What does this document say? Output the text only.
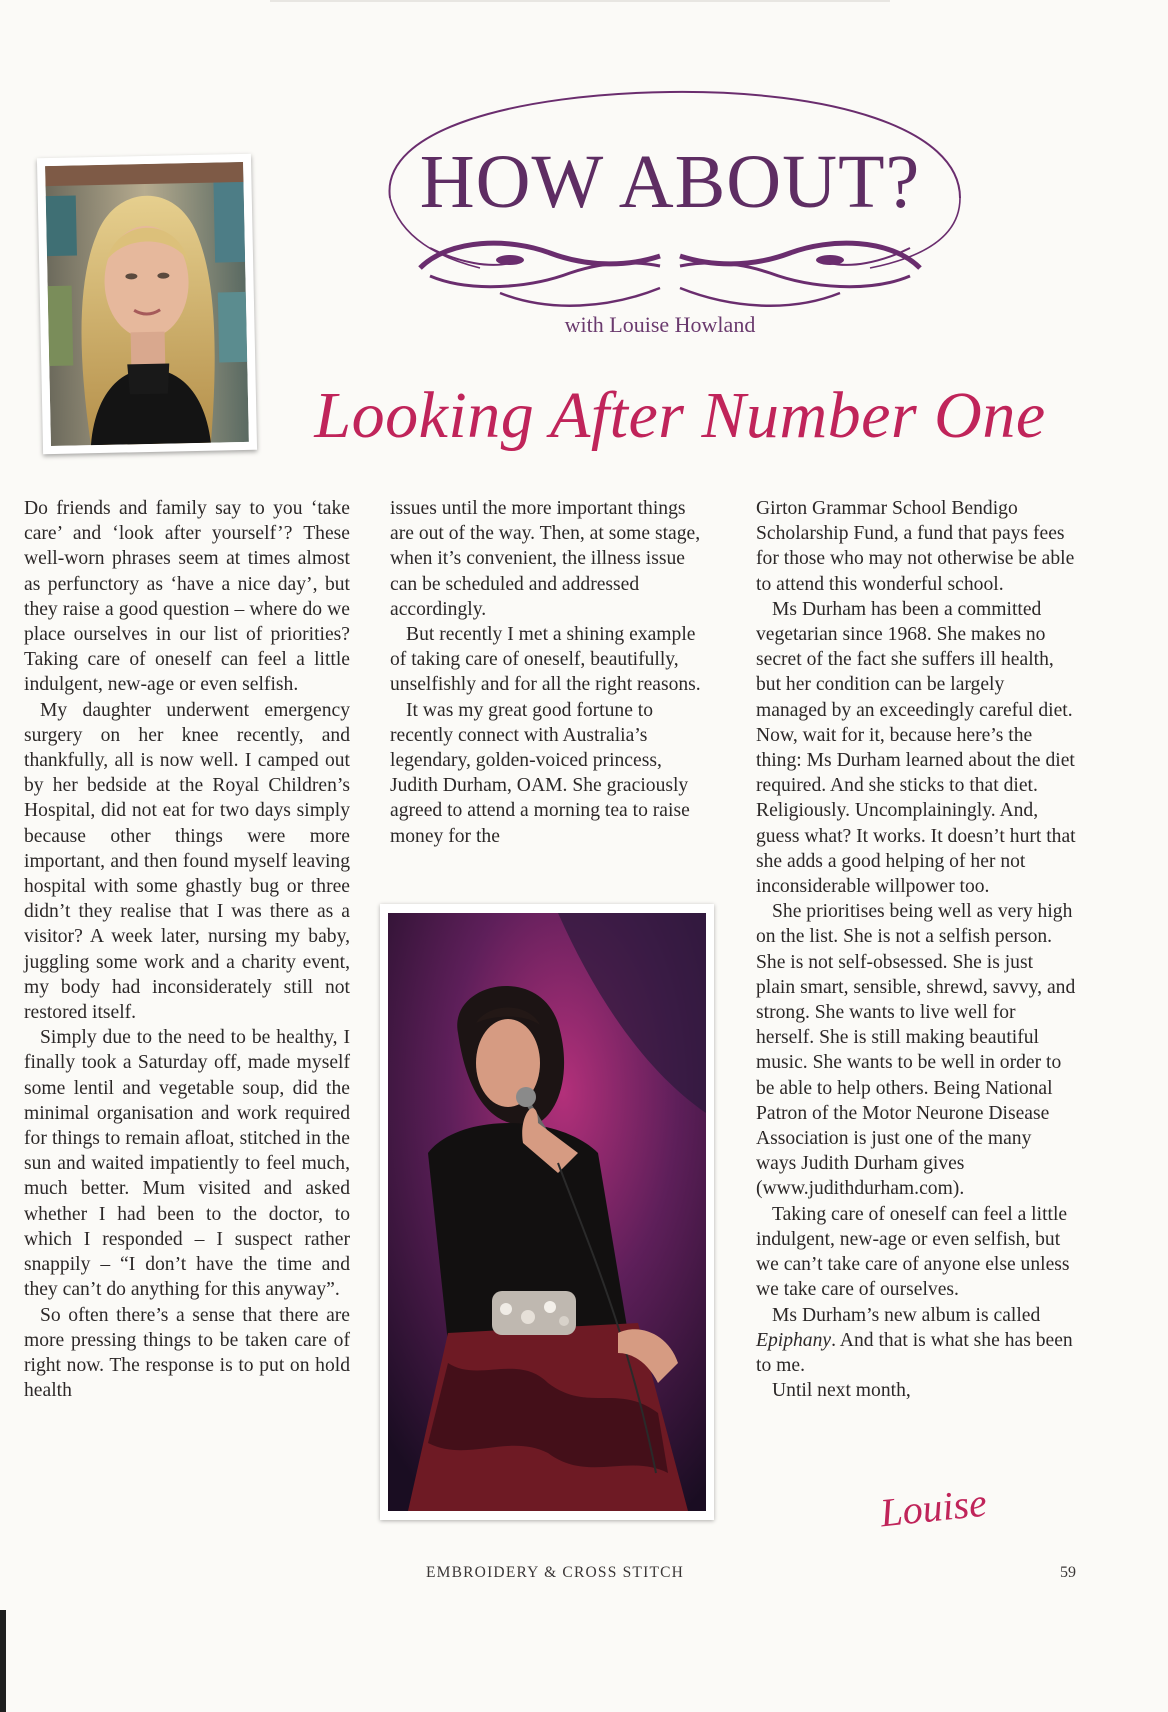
HOW ABOUT?
with Louise Howland
Looking After Number One

Do friends and family say to you ‘take care’ and ‘look after yourself’? These well-worn phrases seem at times almost as perfunctory as ‘have a nice day’, but they raise a good question – where do we place ourselves in our list of priorities? Taking care of oneself can feel a little indulgent, new-age or even selfish.

My daughter underwent emergency surgery on her knee recently, and thankfully, all is now well. I camped out by her bedside at the Royal Children’s Hospital, did not eat for two days simply because other things were more important, and then found myself leaving hospital with some ghastly bug or three didn’t they realise that I was there as a visitor? A week later, nursing my baby, juggling some work and a charity event, my body had inconsiderately still not restored itself.

Simply due to the need to be healthy, I finally took a Saturday off, made myself some lentil and vegetable soup, did the minimal organisation and work required for things to remain afloat, stitched in the sun and waited impatiently to feel much, much better. Mum visited and asked whether I had been to the doctor, to which I responded – I suspect rather snappily – “I don’t have the time and they can’t do anything for this anyway”.

So often there’s a sense that there are more pressing things to be taken care of right now. The response is to put on hold health

issues until the more important things are out of the way. Then, at some stage, when it’s convenient, the illness issue can be scheduled and addressed accordingly.

But recently I met a shining example of taking care of oneself, beautifully, unselfishly and for all the right reasons.

It was my great good fortune to recently connect with Australia’s legendary, golden-voiced princess, Judith Durham, OAM. She graciously agreed to attend a morning tea to raise money for the

Girton Grammar School Bendigo Scholarship Fund, a fund that pays fees for those who may not otherwise be able to attend this wonderful school.

Ms Durham has been a committed vegetarian since 1968. She makes no secret of the fact she suffers ill health, but her condition can be largely managed by an exceedingly careful diet. Now, wait for it, because here’s the thing: Ms Durham learned about the diet required. And she sticks to that diet. Religiously. Uncomplainingly. And, guess what? It works. It doesn’t hurt that she adds a good helping of her not inconsiderable willpower too.

She prioritises being well as very high on the list. She is not a selfish person. She is not self-obsessed. She is just plain smart, sensible, shrewd, savvy, and strong. She wants to live well for herself. She is still making beautiful music. She wants to be well in order to be able to help others. Being National Patron of the Motor Neurone Disease Association is just one of the many ways Judith Durham gives (www.judithdurham.com).

Taking care of oneself can feel a little indulgent, new-age or even selfish, but we can’t take care of anyone else unless we take care of ourselves.

Ms Durham’s new album is called Epiphany. And that is what she has been to me.

Until next month,

Louise
EMBROIDERY & CROSS STITCH	59
